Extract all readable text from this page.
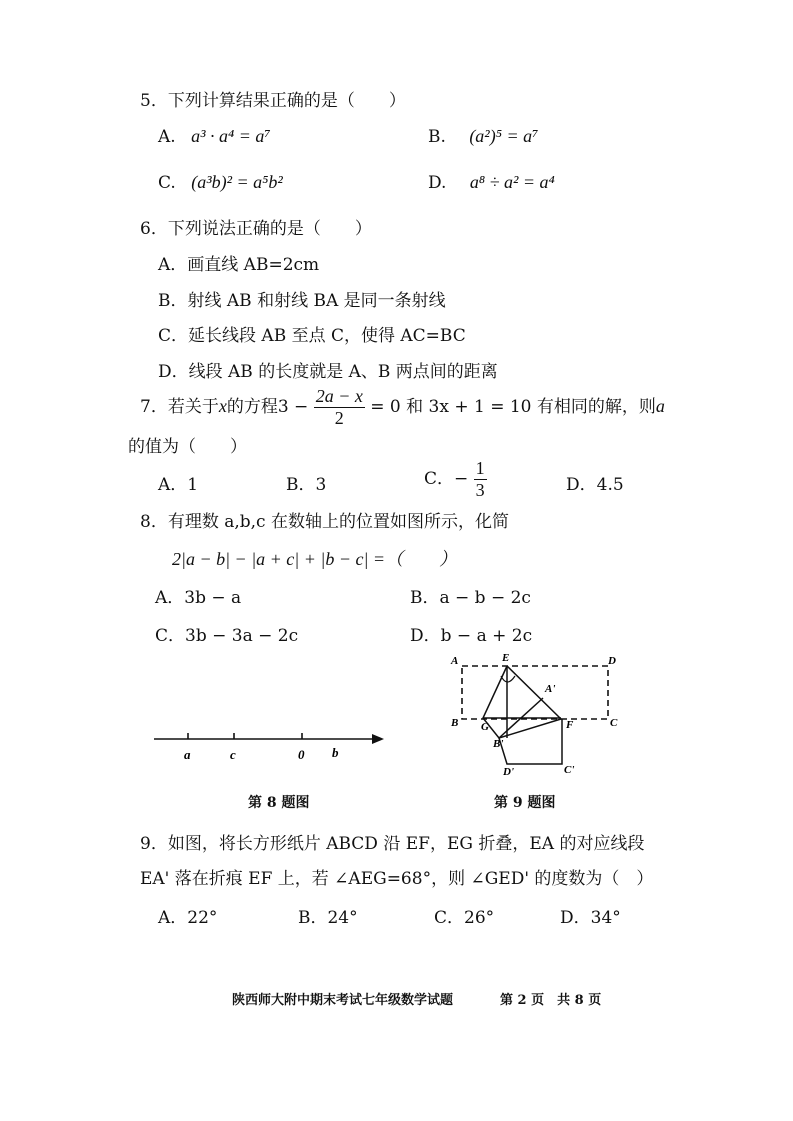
5．下列计算结果正确的是（　　）
A. a³ · a⁴ = a⁷	B. (a²)⁵ = a⁷
C. (a³b)² = a⁵b²	D. a⁸ ÷ a² = a⁴
6．下列说法正确的是（　　）
A．画直线 AB=2cm
B．射线 AB 和射线 BA 是同一条射线
C．延长线段 AB 至点 C，使得 AC=BC
D．线段 AB 的长度就是 A、B 两点间的距离
7．若关于x的方程$3 - \frac{2a - x}{2} = 0$ 和 3x + 1 = 10 有相同的解，则a
的值为（　　）
A．1	B．3	C．− $\frac{1}{3}$	D．4.5
8．有理数 a,b,c 在数轴上的位置如图所示，化简
2|a − b| − |a + c| + |b − c| =（　　）
A．3b − a	B．a − b − 2c
C．3b − 3a − 2c	D．b − a + 2c
a	c	0 b
第 8 题图
A	E	D
A'
B G	F	C
B'
D'	C'
第 9 题图
9．如图，将长方形纸片 ABCD 沿 EF，EG 折叠，EA 的对应线段
EA' 落在折痕 EF 上，若 ∠AEG=68°，则 ∠GED' 的度数为（　）
A．22°	B．24°	C．26°	D．34°
陕西师大附中期末考试七年级数学试题	第 2 页　共 8 页
